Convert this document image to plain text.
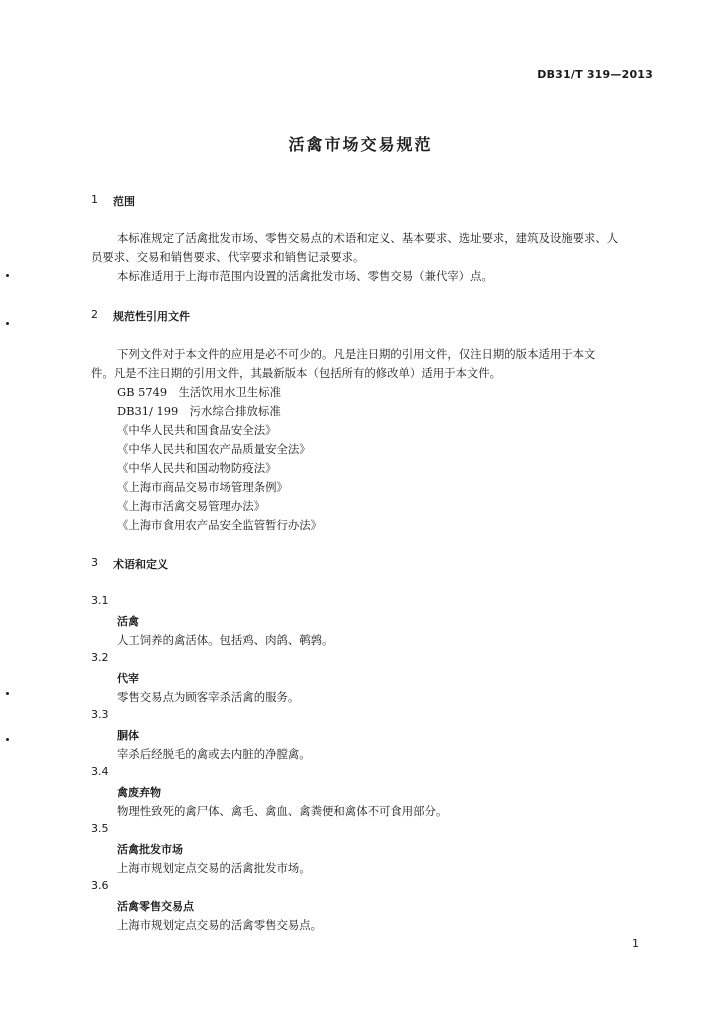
DB31/T 319—2013
活禽市场交易规范
1 范围
本标准规定了活禽批发市场、零售交易点的术语和定义、基本要求、选址要求，建筑及设施要求、人
员要求、交易和销售要求、代宰要求和销售记录要求。
本标准适用于上海市范围内设置的活禽批发市场、零售交易（兼代宰）点。
2 规范性引用文件
下列文件对于本文件的应用是必不可少的。凡是注日期的引用文件，仅注日期的版本适用于本文
件。凡是不注日期的引用文件，其最新版本（包括所有的修改单）适用于本文件。
GB 5749　生活饮用水卫生标准
DB31/ 199　污水综合排放标准
《中华人民共和国食品安全法》
《中华人民共和国农产品质量安全法》
《中华人民共和国动物防疫法》
《上海市商品交易市场管理条例》
《上海市活禽交易管理办法》
《上海市食用农产品安全监管暂行办法》
3 术语和定义
3.1
活禽
人工饲养的禽活体。包括鸡、肉鸽、鹌鹑。
3.2
代宰
零售交易点为顾客宰杀活禽的服务。
3.3
胴体
宰杀后经脱毛的禽或去内脏的净膛禽。
3.4
禽废弃物
物理性致死的禽尸体、禽毛、禽血、禽粪便和禽体不可食用部分。
3.5
活禽批发市场
上海市规划定点交易的活禽批发市场。
3.6
活禽零售交易点
上海市规划定点交易的活禽零售交易点。
1
